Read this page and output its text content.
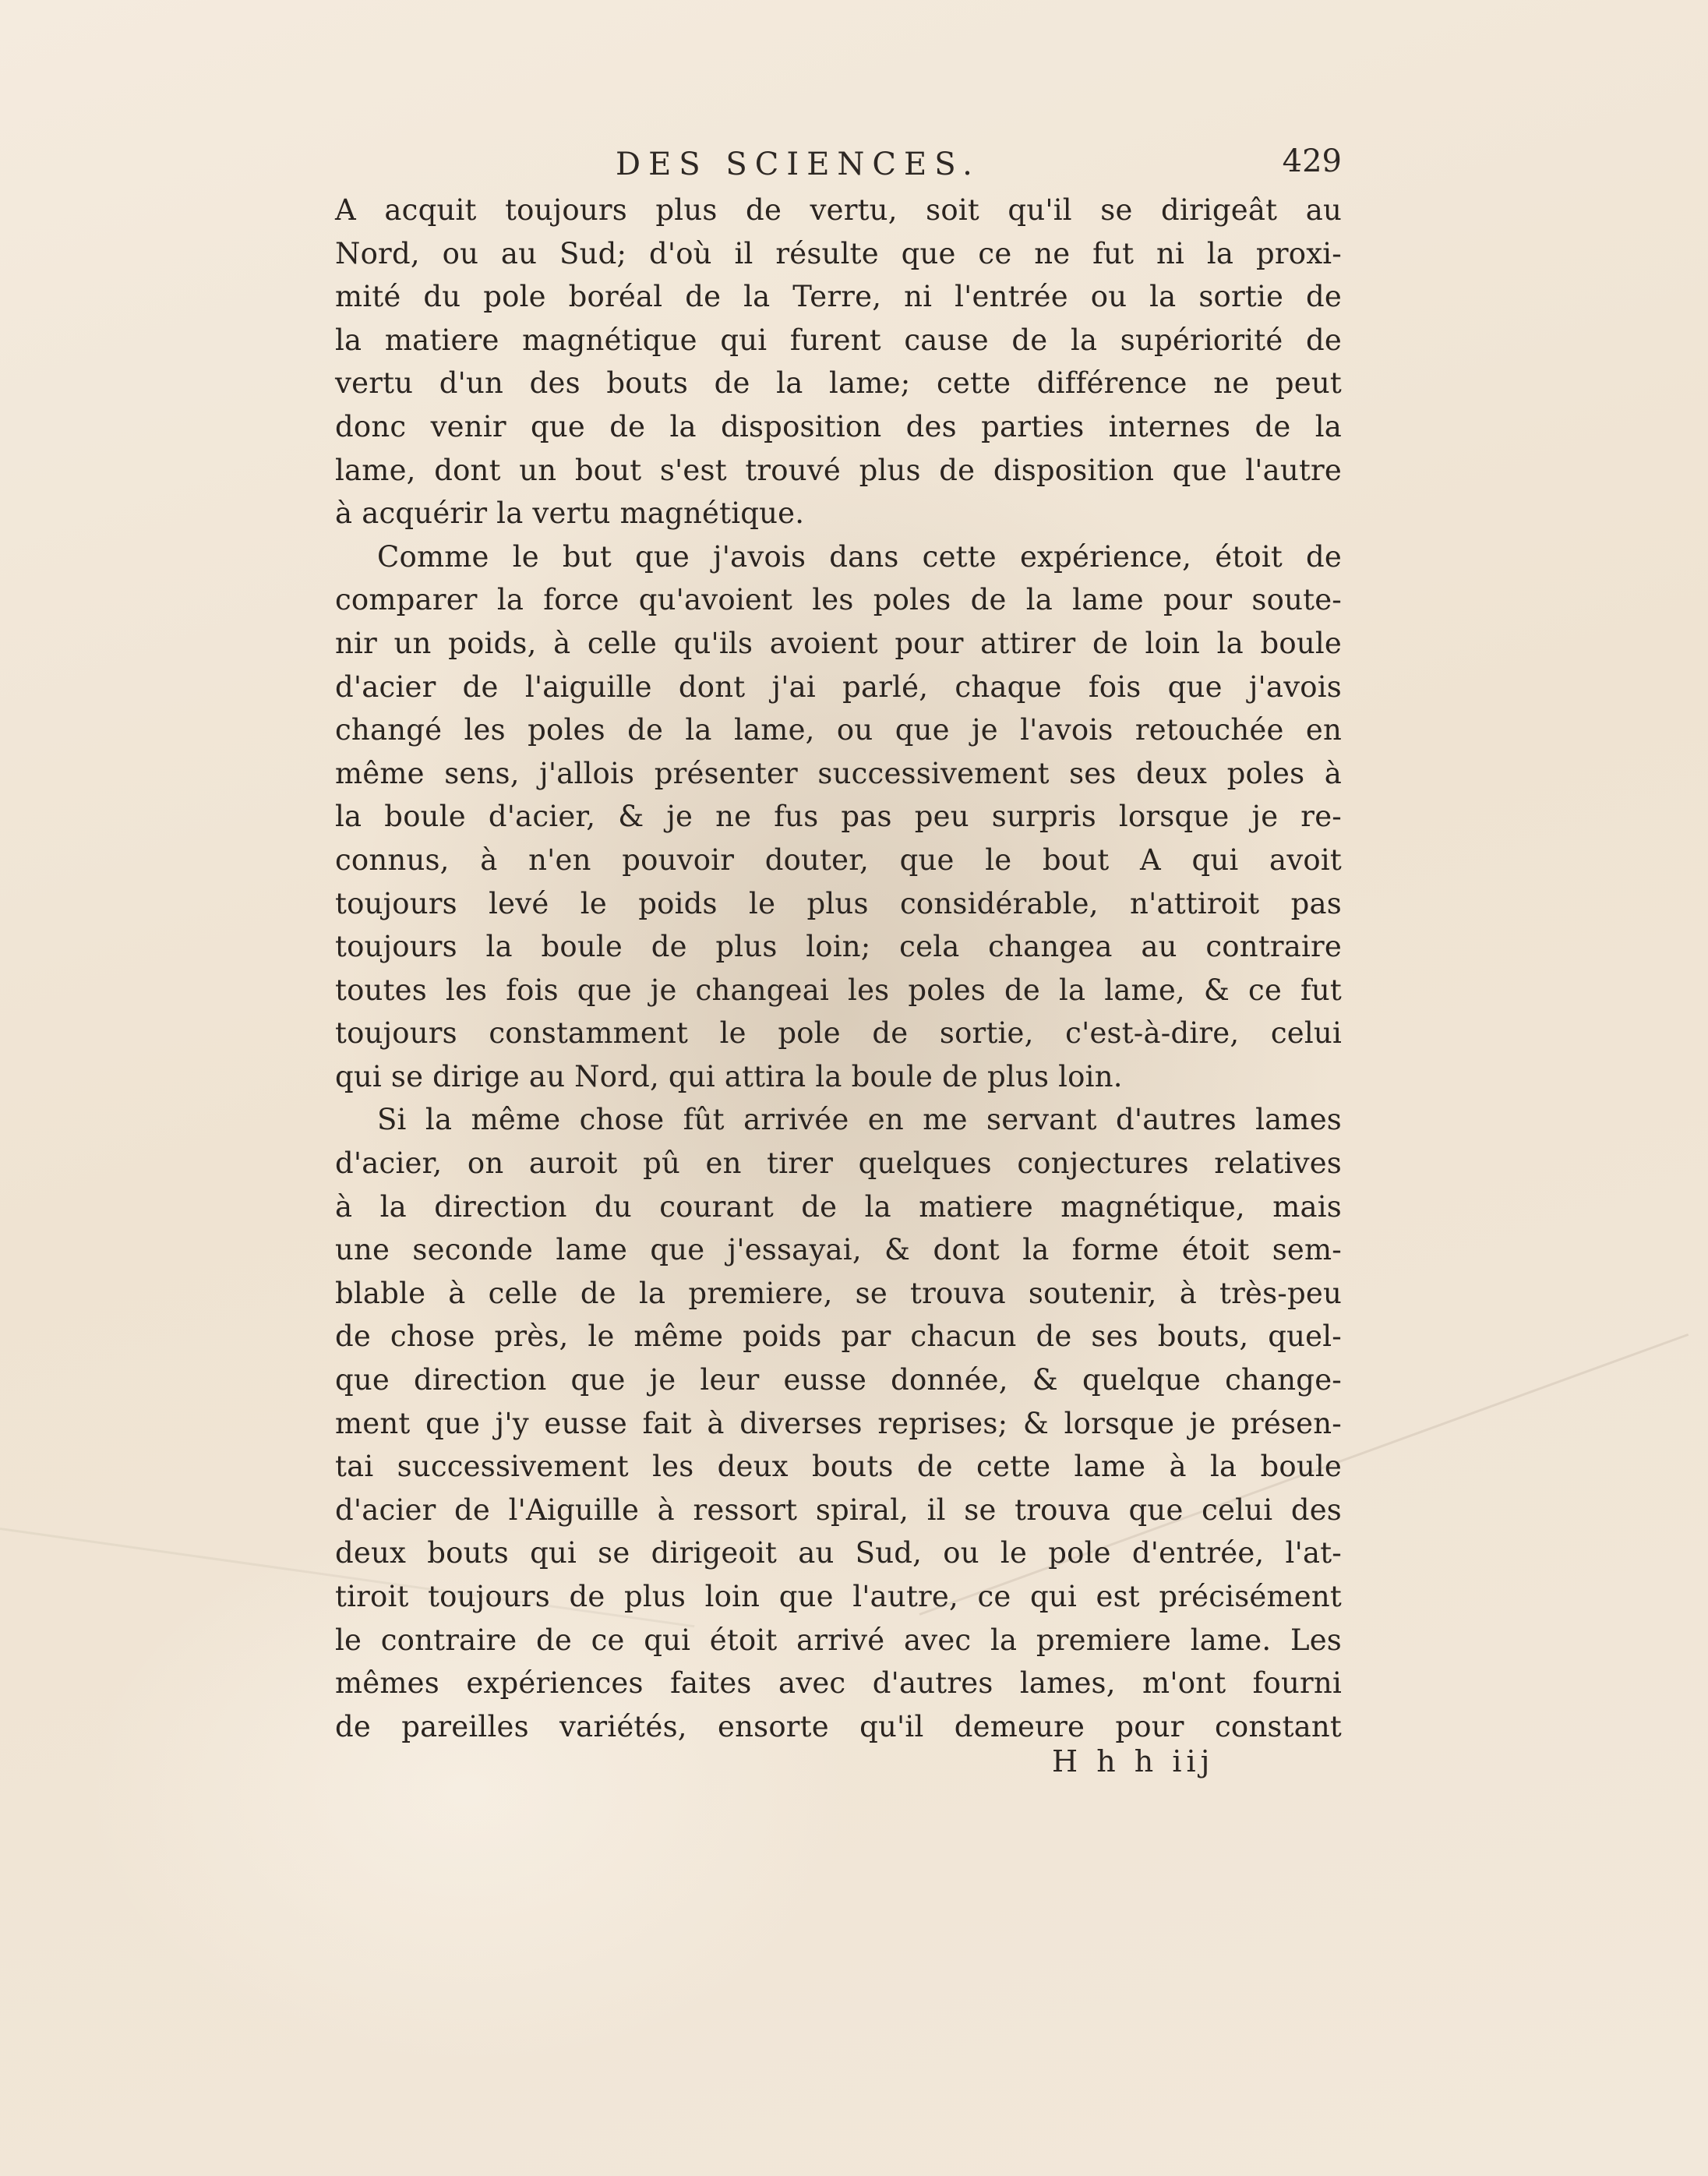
DES SCIENCES.	429

A acquit toujours plus de vertu, soit qu'il se dirigeât au
Nord, ou au Sud; d'où il résulte que ce ne fut ni la proxi-
mité du pole boréal de la Terre, ni l'entrée ou la sortie de
la matiere magnétique qui furent cause de la supériorité de
vertu d'un des bouts de la lame; cette différence ne peut
donc venir que de la disposition des parties internes de la
lame, dont un bout s'est trouvé plus de disposition que l'autre
à acquérir la vertu magnétique.

Comme le but que j'avois dans cette expérience, étoit de
comparer la force qu'avoient les poles de la lame pour soute-
nir un poids, à celle qu'ils avoient pour attirer de loin la boule
d'acier de l'aiguille dont j'ai parlé, chaque fois que j'avois
changé les poles de la lame, ou que je l'avois retouchée en
même sens, j'allois présenter successivement ses deux poles à
la boule d'acier, & je ne fus pas peu surpris lorsque je re-
connus, à n'en pouvoir douter, que le bout A qui avoit
toujours levé le poids le plus considérable, n'attiroit pas
toujours la boule de plus loin; cela changea au contraire
toutes les fois que je changeai les poles de la lame, & ce fut
toujours constamment le pole de sortie, c'est-à-dire, celui
qui se dirige au Nord, qui attira la boule de plus loin.

Si la même chose fût arrivée en me servant d'autres lames
d'acier, on auroit pû en tirer quelques conjectures relatives
à la direction du courant de la matiere magnétique, mais
une seconde lame que j'essayai, & dont la forme étoit sem-
blable à celle de la premiere, se trouva soutenir, à très-peu
de chose près, le même poids par chacun de ses bouts, quel-
que direction que je leur eusse donnée, & quelque change-
ment que j'y eusse fait à diverses reprises; & lorsque je présen-
tai successivement les deux bouts de cette lame à la boule
d'acier de l'Aiguille à ressort spiral, il se trouva que celui des
deux bouts qui se dirigeoit au Sud, ou le pole d'entrée, l'at-
tiroit toujours de plus loin que l'autre, ce qui est précisément
le contraire de ce qui étoit arrivé avec la premiere lame. Les
mêmes expériences faites avec d'autres lames, m'ont fourni
de pareilles variétés, ensorte qu'il demeure pour constant

H h h iij
